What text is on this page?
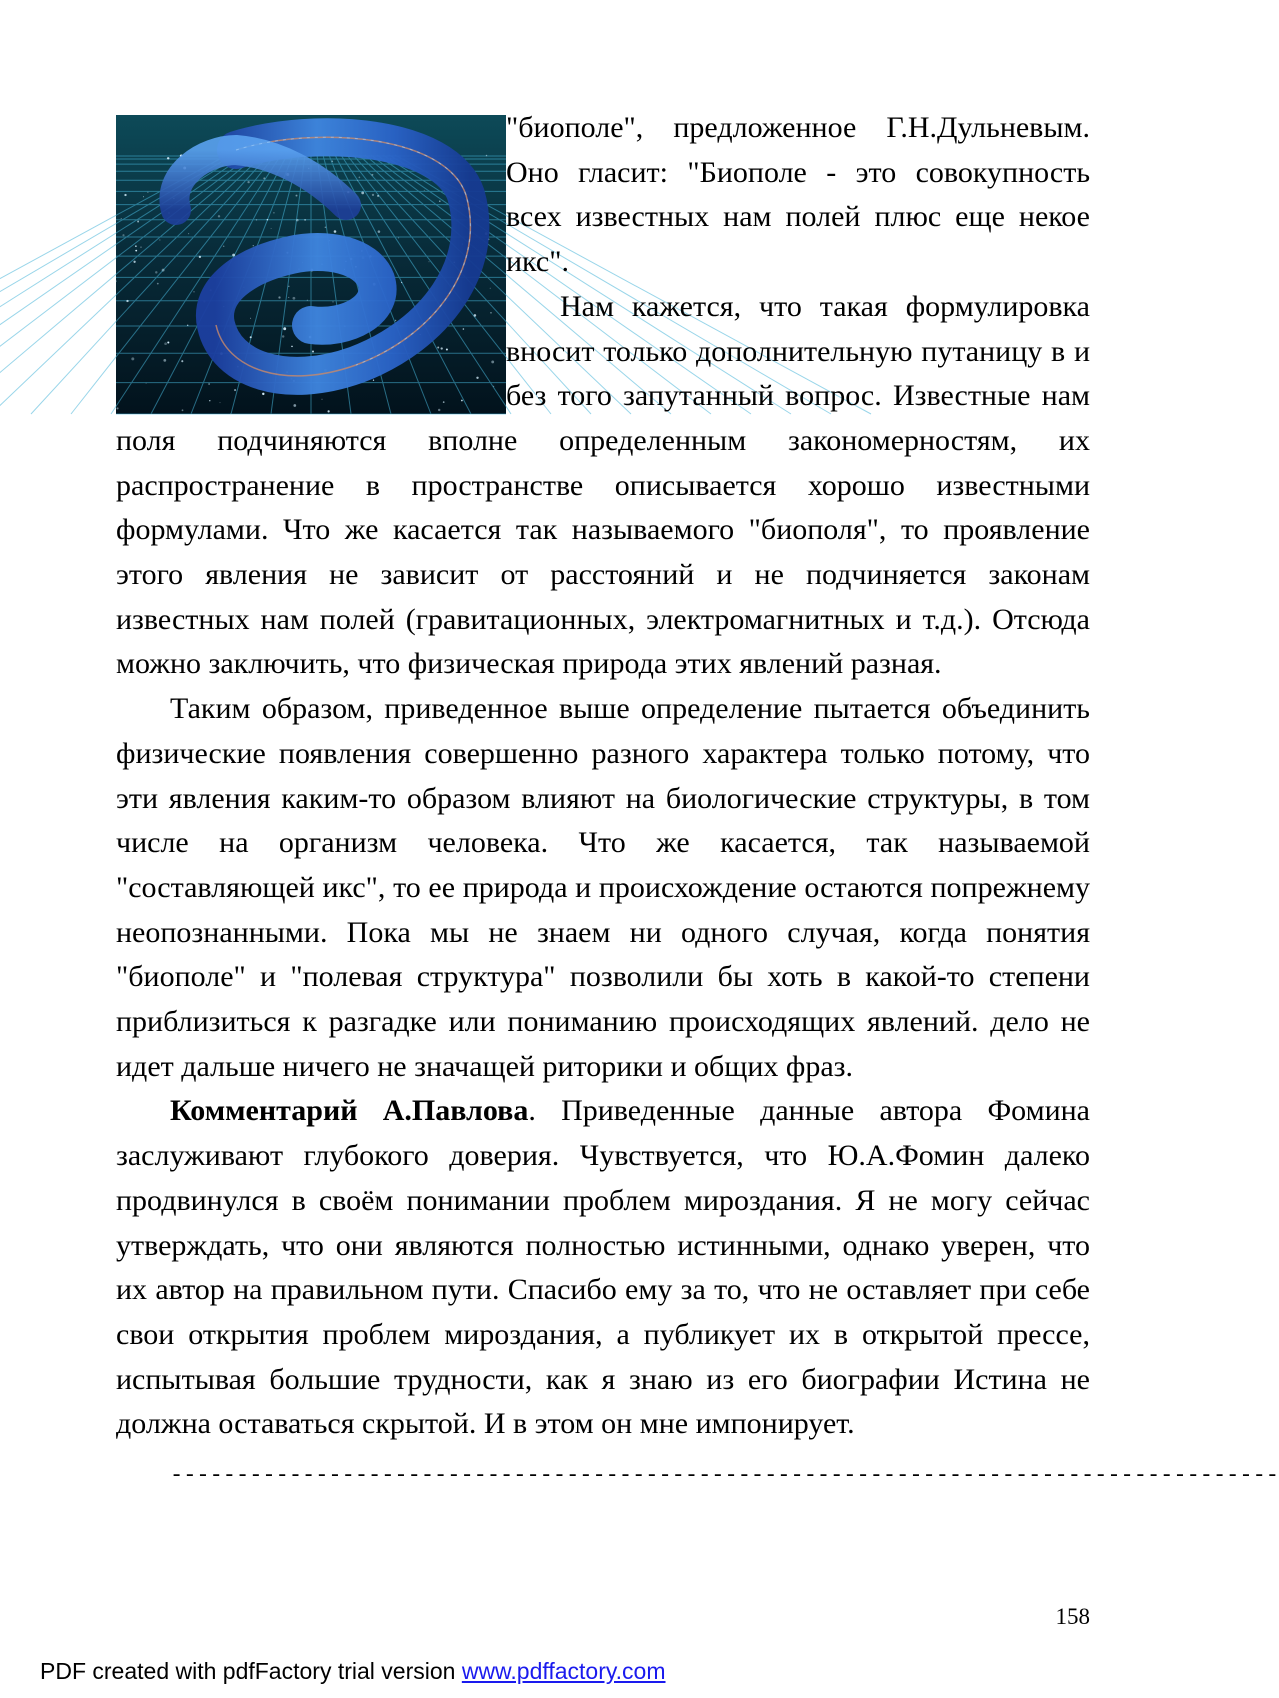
"биополе", предложенное Г.Н.Дульневым. Оно гласит: "Биополе - это совокупность всех известных нам полей плюс еще некое икс".

Нам кажется, что такая формулировка вносит только дополнительную путаницу в и без того запутанный вопрос. Известные нам поля подчиняются вполне определенным закономерностям, их распространение в пространстве описывается хорошо известными формулами. Что же касается так называемого "биополя", то проявление этого явления не зависит от расстояний и не подчиняется законам известных нам полей (гравитационных, электромагнитных и т.д.). Отсюда можно заключить, что физическая природа этих явлений разная.

Таким образом, приведенное выше определение пытается объединить физические появления совершенно разного характера только потому, что эти явления каким-то образом влияют на биологические структуры, в том числе на организм человека. Что же касается, так называемой "составляющей икс", то ее природа и происхождение остаются попрежнему неопознанными. Пока мы не знаем ни одного случая, когда понятия "биополе" и "полевая структура" позволили бы хоть в какой-то степени приблизиться к разгадке или пониманию происходящих явлений. дело не идет дальше ничего не значащей риторики и общих фраз.

Комментарий А.Павлова. Приведенные данные автора Фомина заслуживают глубокого доверия. Чувствуется, что Ю.А.Фомин далеко продвинулся в своём понимании проблем мироздания. Я не могу сейчас утверждать, что они являются полностью истинными, однако уверен, что их автор на правильном пути. Спасибо ему за то, что не оставляет при себе свои открытия проблем мироздания, а публикует их в открытой прессе, испытывая большие трудности, как я знаю из его биографии Истина не должна оставаться скрытой. И в этом он мне импонирует.

------------------------------------------------------------------------------------
158
PDF created with pdfFactory trial version www.pdffactory.com
